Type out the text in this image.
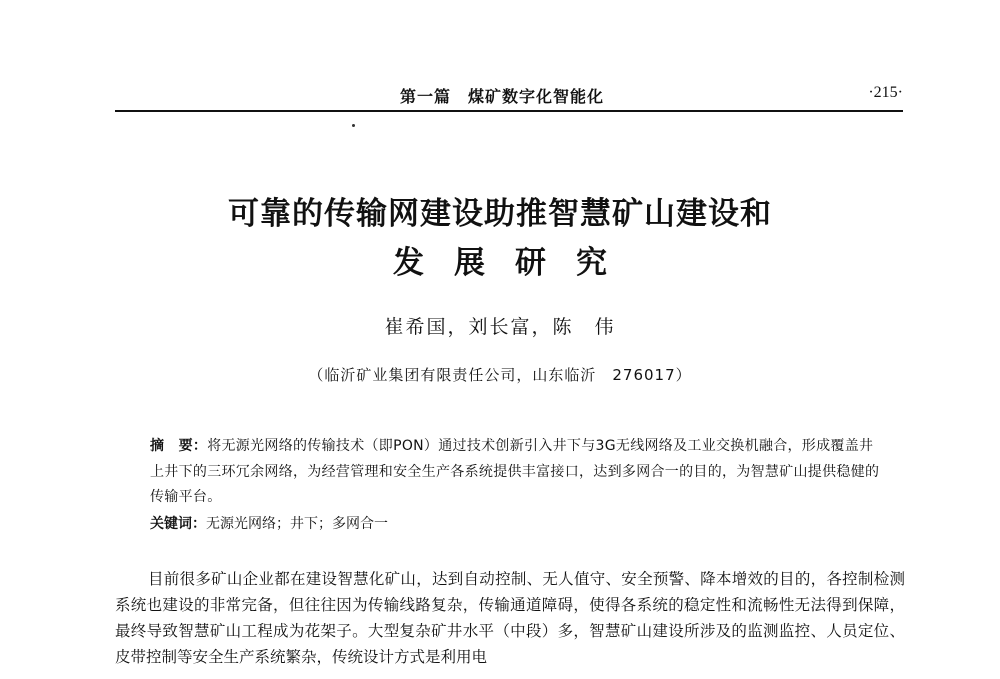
第一篇　煤矿数字化智能化	·215·
可靠的传输网建设助推智慧矿山建设和
发展研究
崔希国，刘长富，陈　伟
（临沂矿业集团有限责任公司，山东临沂　276017）
摘　要：将无源光网络的传输技术（即PON）通过技术创新引入井下与3G无线网络及工业交换机融合，形成覆盖井上井下的三环冗余网络，为经营管理和安全生产各系统提供丰富接口，达到多网合一的目的，为智慧矿山提供稳健的传输平台。
关键词：无源光网络；井下；多网合一

目前很多矿山企业都在建设智慧化矿山，达到自动控制、无人值守、安全预警、降本增效的目的，各控制检测系统也建设的非常完备，但往往因为传输线路复杂，传输通道障碍，使得各系统的稳定性和流畅性无法得到保障，最终导致智慧矿山工程成为花架子。大型复杂矿井水平（中段）多，智慧矿山建设所涉及的监测监控、人员定位、皮带控制等安全生产系统繁杂，传统设计方式是利用电
